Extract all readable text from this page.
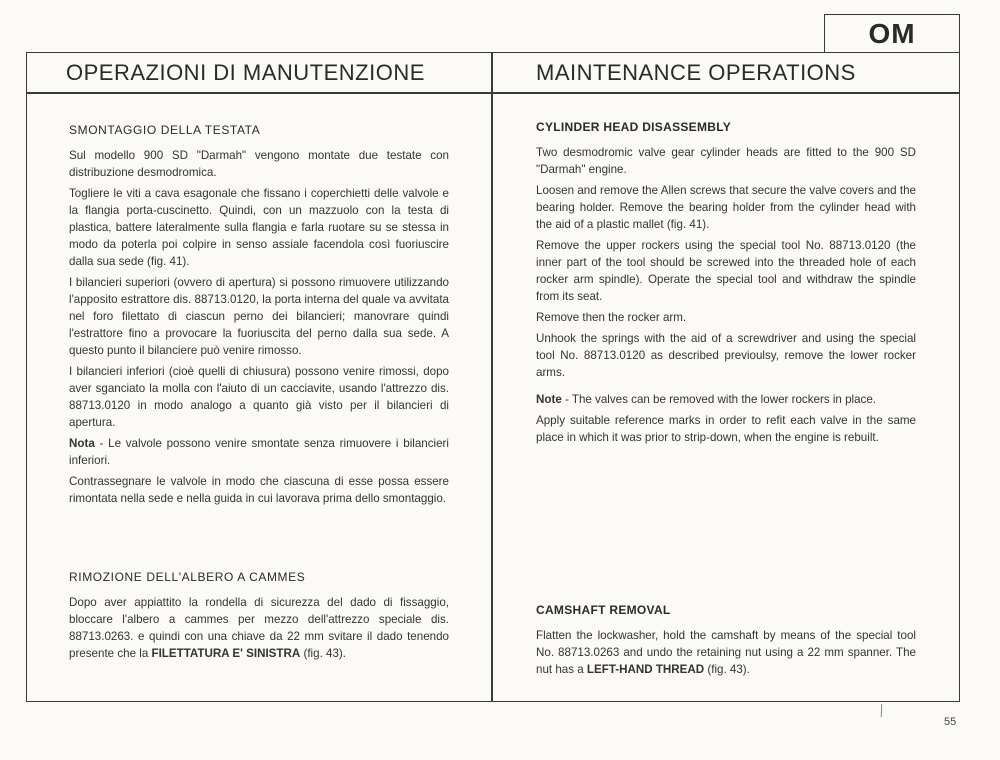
OM
OPERAZIONI DI MANUTENZIONE	MAINTENANCE OPERATIONS
SMONTAGGIO DELLA TESTATA

Sul modello 900 SD "Darmah" vengono montate due testate con distribuzione desmodromica.

Togliere le viti a cava esagonale che fissano i coperchietti delle valvole e la flangia porta-cuscinetto. Quindi, con un mazzuolo con la testa di plastica, battere lateralmente sulla flangia e farla ruotare su se stessa in modo da poterla poi colpire in senso assiale facendola così fuoriuscire dalla sua sede (fig. 41).

I bilancieri superiori (ovvero di apertura) si possono rimuovere utilizzando l'apposito estrattore dis. 88713.0120, la porta interna del quale va avvitata nel foro filettato di ciascun perno dei bilancieri; manovrare quindi l'estrattore fino a provocare la fuoriuscita del perno dalla sua sede. A questo punto il bilanciere può venire rimosso.

I bilancieri inferiori (cioè quelli di chiusura) possono venire rimossi, dopo aver sganciato la molla con l'aiuto di un cacciavite, usando l'attrezzo dis. 88713.0120 in modo analogo a quanto già visto per il bilancieri di apertura.

Nota - Le valvole possono venire smontate senza rimuovere i bilancieri inferiori.

Contrassegnare le valvole in modo che ciascuna di esse possa essere rimontata nella sede e nella guida in cui lavorava prima dello smontaggio.

RIMOZIONE DELL'ALBERO A CAMMES

Dopo aver appiattito la rondella di sicurezza del dado di fissaggio, bloccare l'albero a cammes per mezzo dell'attrezzo speciale dis. 88713.0263. e quindi con una chiave da 22 mm svitare il dado tenendo presente che la FILETTATURA E' SINISTRA (fig. 43).

CYLINDER HEAD DISASSEMBLY

Two desmodromic valve gear cylinder heads are fitted to the 900 SD "Darmah" engine.

Loosen and remove the Allen screws that secure the valve covers and the bearing holder. Remove the bearing holder from the cylinder head with the aid of a plastic mallet (fig. 41).

Remove the upper rockers using the special tool No. 88713.0120 (the inner part of the tool should be screwed into the threaded hole of each rocker arm spindle). Operate the special tool and withdraw the spindle from its seat.

Remove then the rocker arm.

Unhook the springs with the aid of a screwdriver and using the special tool No. 88713.0120 as described previoulsy, remove the lower rocker arms.

Note - The valves can be removed with the lower rockers in place.

Apply suitable reference marks in order to refit each valve in the same place in which it was prior to strip-down, when the engine is rebuilt.

CAMSHAFT REMOVAL

Flatten the lockwasher, hold the camshaft by means of the special tool No. 88713.0263 and undo the retaining nut using a 22 mm spanner. The nut has a LEFT-HAND THREAD (fig. 43).

╲
55
